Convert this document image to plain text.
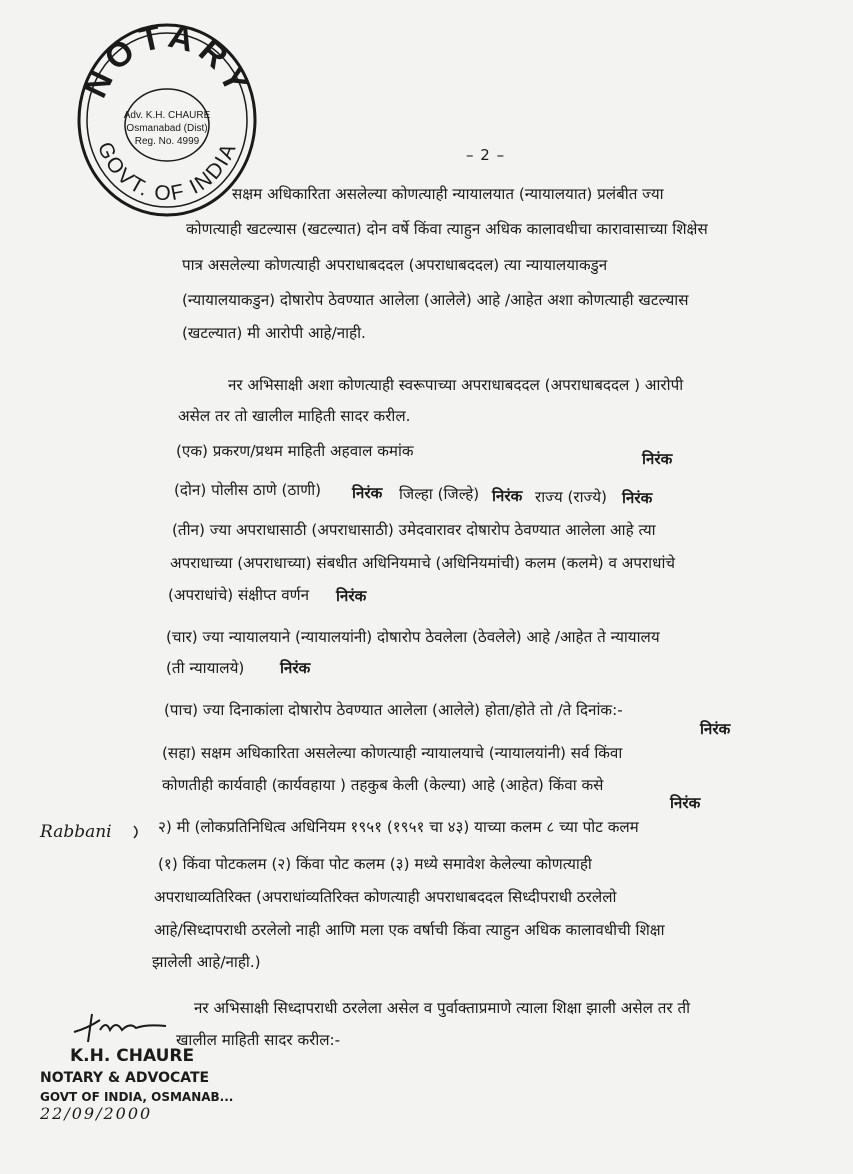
NOTARY
GOVT. OF INDIA
Adv. K.H. CHAURE
Osmanabad (Dist)
Reg. No. 4999
– 2 –
सक्षम अधिकारिता असलेल्या कोणत्याही न्यायालयात (न्यायालयात) प्रलंबीत ज्या
कोणत्याही खटल्यास (खटल्यात) दोन वर्षे किंवा त्याहुन अधिक कालावधीचा कारावासाच्या शिक्षेस
पात्र असलेल्या कोणत्याही अपराधाबददल (अपराधाबददल) त्या न्यायालयाकडुन
(न्यायालयाकडुन) दोषारोप ठेवण्यात आलेला (आलेले) आहे /आहेत अशा कोणत्याही खटल्यास
(खटल्यात) मी आरोपी आहे/नाही.
नर अभिसाक्षी अशा कोणत्याही स्वरूपाच्या अपराधाबददल (अपराधाबददल ) आरोपी
असेल तर तो खालील माहिती सादर करील.
(एक) प्रकरण/प्रथम माहिती अहवाल कमांक	निरंक
(दोन) पोलीस ठाणे (ठाणी) निरंक जिल्हा (जिल्हे) निरंक राज्य (राज्ये) निरंक
(तीन) ज्या अपराधासाठी (अपराधासाठी) उमेदवारावर दोषारोप ठेवण्यात आलेला आहे त्या
अपराधाच्या (अपराधाच्या) संबधीत अधिनियमाचे (अधिनियमांची) कलम (कलमे) व अपराधांचे
(अपराधांचे) संक्षीप्त वर्णन निरंक
(चार) ज्या न्यायालयाने (न्यायालयांनी) दोषारोप ठेवलेला (ठेवलेले) आहे /आहेत ते न्यायालय
(ती न्यायालये) निरंक
(पाच) ज्या दिनाकांला दोषारोप ठेवण्यात आलेला (आलेले) होता/होते तो /ते दिनांक:-
निरंक
(सहा) सक्षम अधिकारिता असलेल्या कोणत्याही न्यायालयाचे (न्यायालयांनी) सर्व किंवा
कोणतीही कार्यवाही (कार्यवहाया ) तहकुब केली (केल्या) आहे (आहेत) किंवा कसे
निरंक
२) मी (लोकप्रतिनिधित्व अधिनियम १९५१ (१९५१ चा ४३) याच्या कलम ८ च्या पोट कलम
(१) किंवा पोटकलम (२) किंवा पोट कलम (३) मध्ये समावेश केलेल्या कोणत्याही
अपराधाव्यतिरिक्त (अपराधांव्यतिरिक्त कोणत्याही अपराधाबददल सिध्दीपराधी ठरलेलो
आहे/सिध्दापराधी ठरलेलो नाही आणि मला एक वर्षाची किंवा त्याहुन अधिक कालावधीची शिक्षा
झालेली आहे/नाही.)
नर अभिसाक्षी सिध्दापराधी ठरलेला असेल व पुर्वाक्ताप्रमाणे त्याला शिक्षा झाली असेल तर ती
खालील माहिती सादर करील:-
Rabbani
K.H. CHAURE
NOTARY & ADVOCATE
GOVT OF INDIA, OSMANAB...
22/09/2000
